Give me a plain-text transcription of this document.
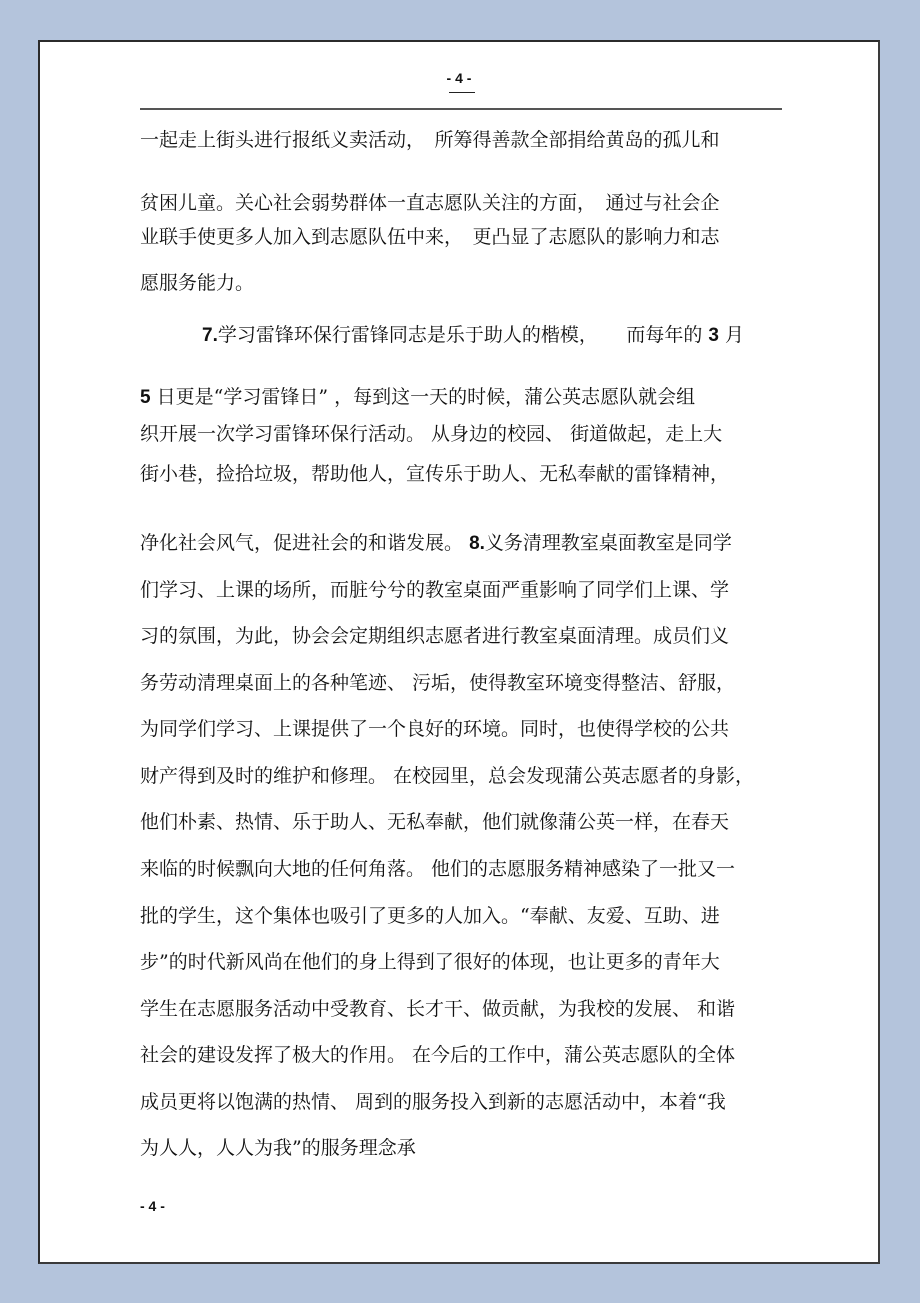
- 4 -
一起走上街头进行报纸义卖活动，　所筹得善款全部捐给黄岛的孤儿和
贫困儿童。关心社会弱势群体一直志愿队关注的方面，　通过与社会企
业联手使更多人加入到志愿队伍中来，　更凸显了志愿队的影响力和志
愿服务能力。
7.学习雷锋环保行雷锋同志是乐于助人的楷模，　　而每年的 3 月
5 日更是“学习雷锋日” ，每到这一天的时候，蒲公英志愿队就会组
织开展一次学习雷锋环保行活动。 从身边的校园、 街道做起，走上大
街小巷，捡拾垃圾，帮助他人，宣传乐于助人、无私奉献的雷锋精神，
净化社会风气，促进社会的和谐发展。 8.义务清理教室桌面教室是同学
们学习、上课的场所，而脏兮兮的教室桌面严重影响了同学们上课、学
习的氛围，为此，协会会定期组织志愿者进行教室桌面清理。成员们义
务劳动清理桌面上的各种笔迹、 污垢，使得教室环境变得整洁、舒服，
为同学们学习、上课提供了一个良好的环境。同时，也使得学校的公共
财产得到及时的维护和修理。 在校园里，总会发现蒲公英志愿者的身影，
他们朴素、热情、乐于助人、无私奉献，他们就像蒲公英一样，在春天
来临的时候飘向大地的任何角落。 他们的志愿服务精神感染了一批又一
批的学生，这个集体也吸引了更多的人加入。“奉献、友爱、互助、进
步”的时代新风尚在他们的身上得到了很好的体现，也让更多的青年大
学生在志愿服务活动中受教育、长才干、做贡献，为我校的发展、 和谐
社会的建设发挥了极大的作用。 在今后的工作中，蒲公英志愿队的全体
成员更将以饱满的热情、 周到的服务投入到新的志愿活动中，本着“我
为人人，人人为我”的服务理念承
- 4 -
